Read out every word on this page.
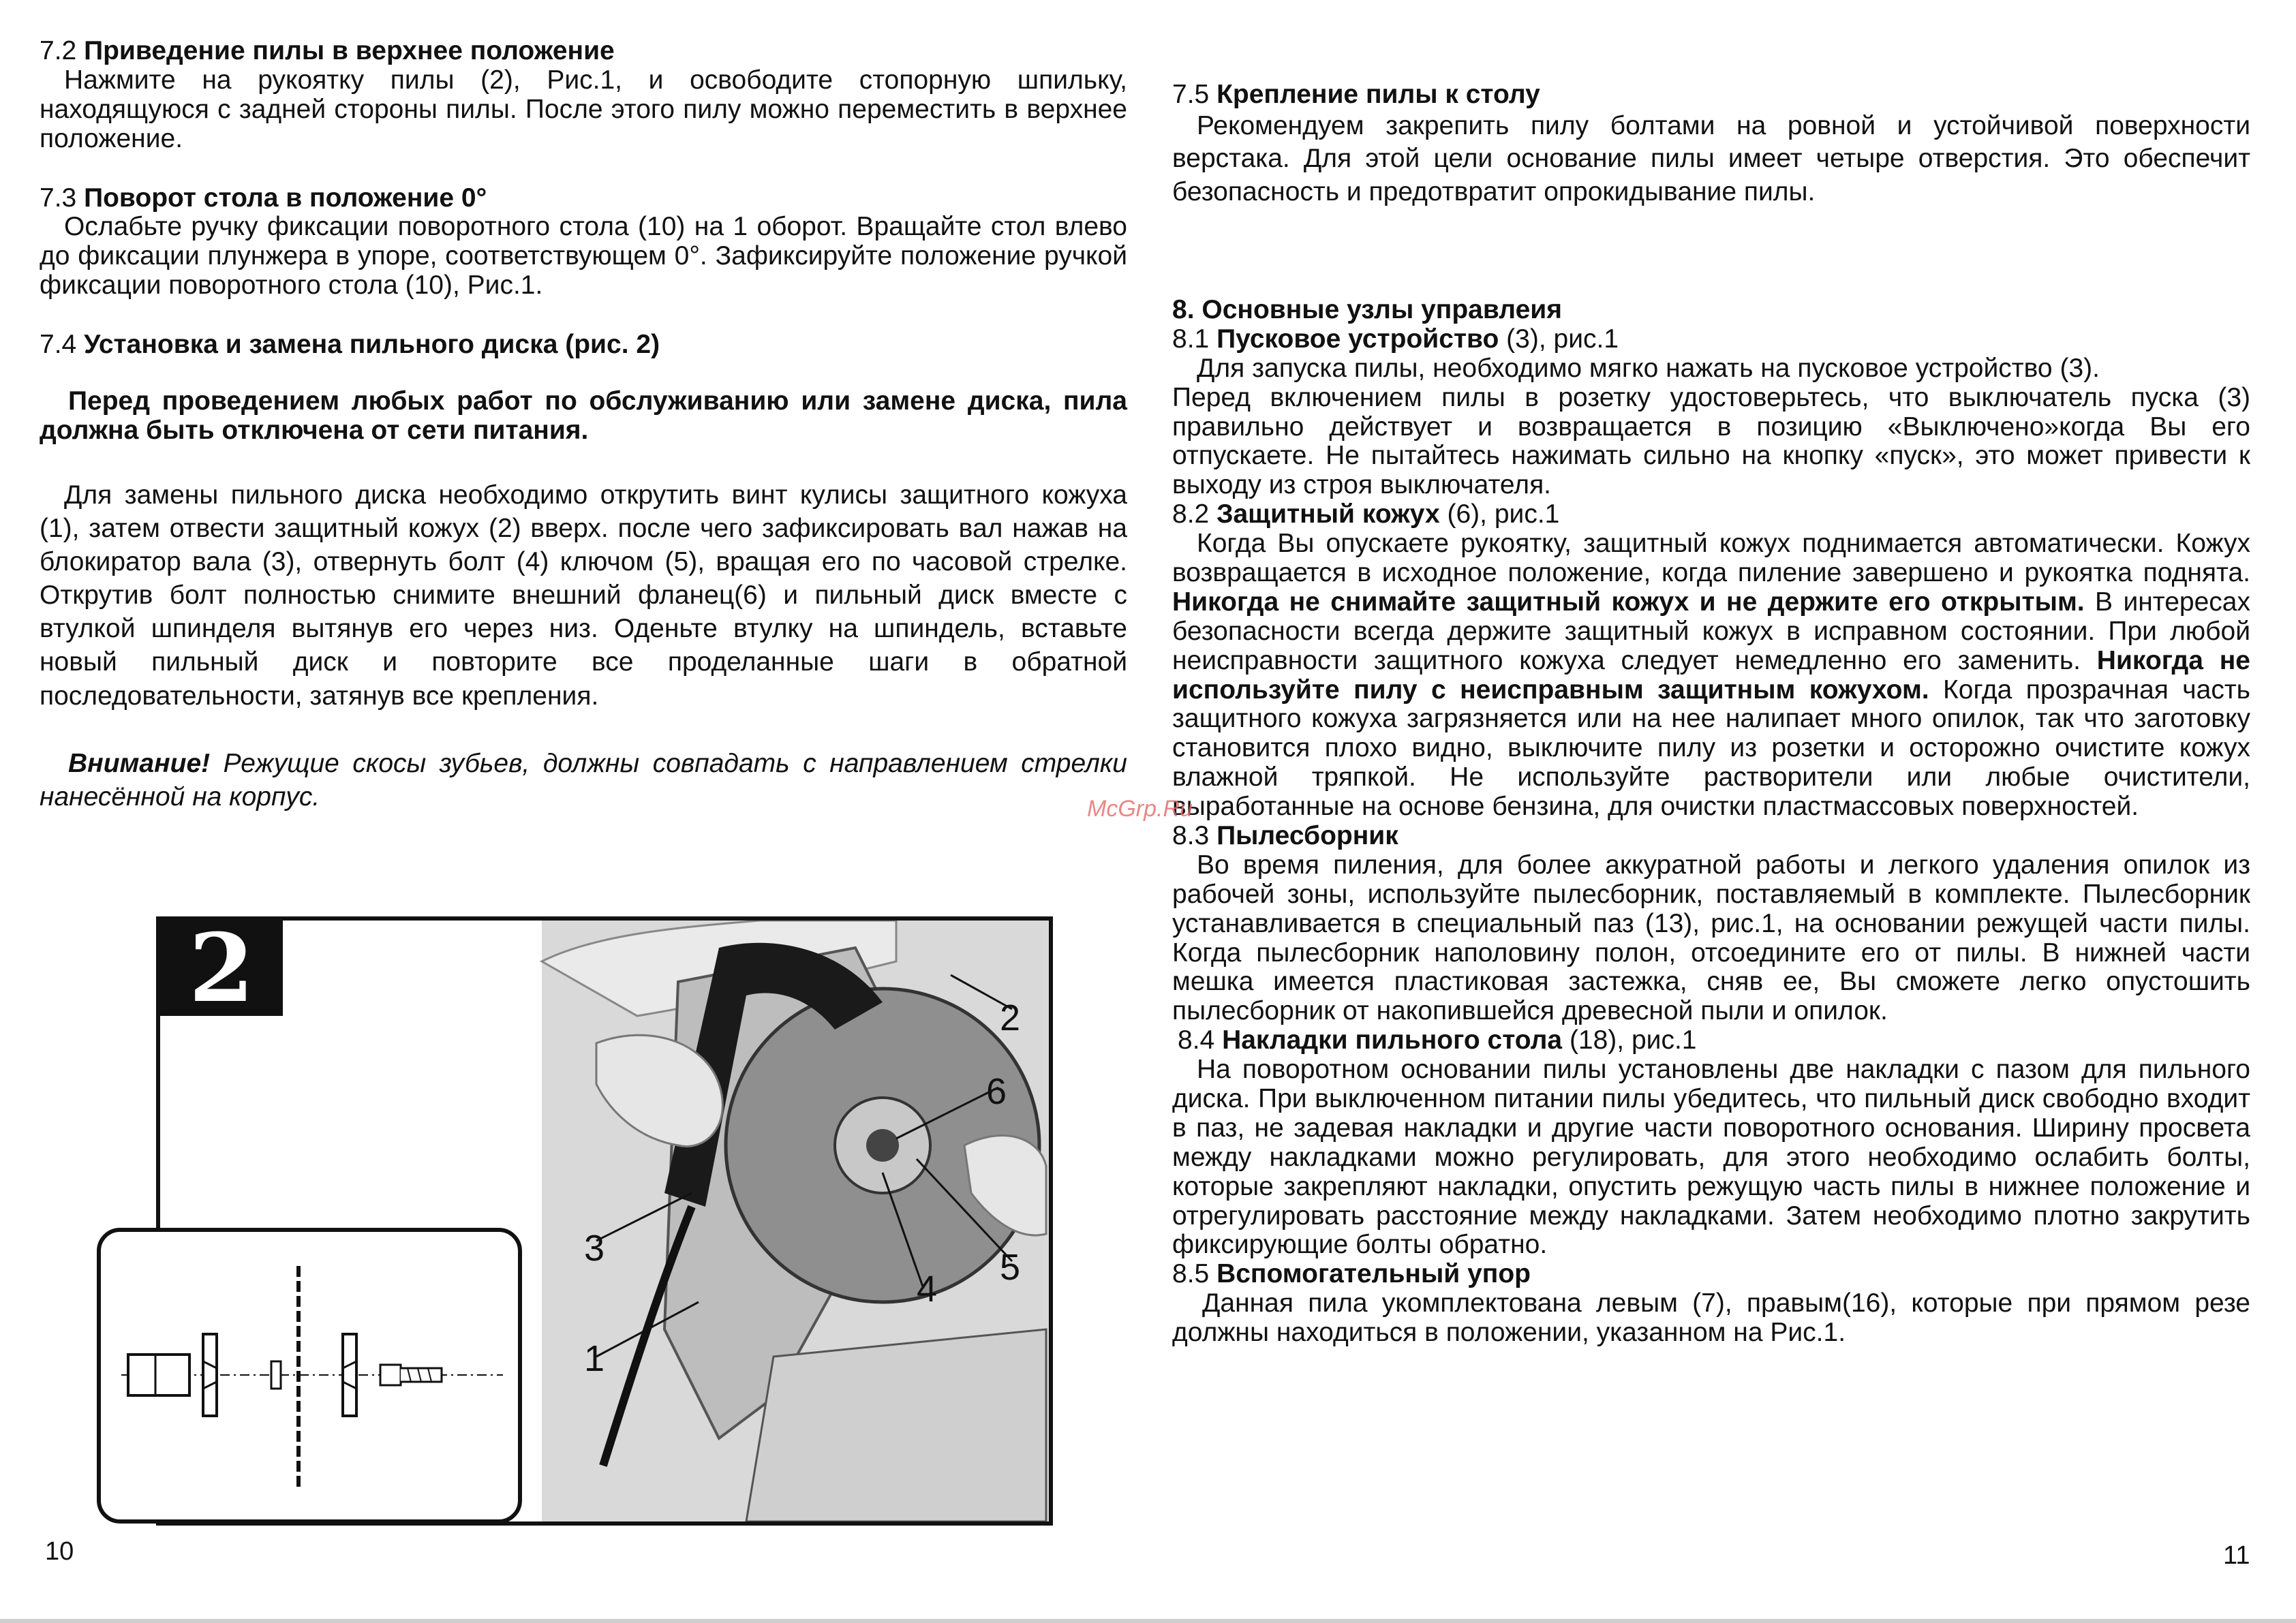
7.2 Приведение пилы в верхнее положение

Нажмите на рукоятку пилы (2), Рис.1, и освободите стопорную шпильку, находящуюся с задней стороны пилы. После этого пилу можно переместить в верхнее положение.

7.3 Поворот стола в положение 0°

Ослабьте ручку фиксации поворотного стола (10) на 1 оборот. Вращайте стол влево до фиксации плунжера в упоре, соответствующем 0°. Зафиксируйте положение ручкой фиксации поворотного стола (10), Рис.1.

7.4 Установка и замена пильного диска (рис. 2)

Перед проведением любых работ по обслуживанию или замене диска, пила должна быть отключена от сети питания.

Для замены пильного диска необходимо открутить винт кулисы защитного кожуха (1), затем отвести защитный кожух (2) вверх. после чего зафиксировать вал нажав на блокиратор вала (3), отвернуть болт (4) ключом (5), вращая его по часовой стрелке. Открутив болт полностью снимите внешний фланец(6) и пильный диск вместе с втулкой шпинделя вытянув его через низ. Оденьте втулку на шпиндель, вставьте новый пильный диск и повторите все проделанные шаги в обратной последовательности, затянув все крепления.

Внимание! Режущие скосы зубьев, должны совпадать с направлением стрелки нанесённой на корпус.

2	2
6
3	5
4
1
7.5 Крепление пилы к столу

Рекомендуем закрепить пилу болтами на ровной и устойчивой поверхности верстака. Для этой цели основание пилы имеет четыре отверстия. Это обеспечит безопасность и предотвратит опрокидывание пилы.

8. Основные узлы управлеия
8.1 Пусковое устройство (3), рис.1

Для запуска пилы, необходимо мягко нажать на пусковое устройство (3).

Перед включением пилы в розетку удостоверьтесь, что выключатель пуска (3) правильно действует и возвращается в позицию «Выключено»когда Вы его отпускаете. Не пытайтесь нажимать сильно на кнопку «пуск», это может привести к выходу из строя выключателя.

8.2 Защитный кожух (6), рис.1

Когда Вы опускаете рукоятку, защитный кожух поднимается автоматически. Кожух возвращается в исходное положение, когда пиление завершено и рукоятка поднята. Никогда не снимайте защитный кожух и не держите его открытым. В интересах безопасности всегда держите защитный кожух в исправном состоянии. При любой неисправности защитного кожуха следует немедленно его заменить. Никогда не используйте пилу с неисправным защитным кожухом. Когда прозрачная часть защитного кожуха загрязняется или на нее налипает много опилок, так что заготовку становится плохо видно, выключите пилу из розетки и осторожно очистите кожух влажной тряпкой. Не используйте растворители или любые очистители, выработанные на основе бензина, для очистки пластмассовых поверхностей.

8.3 Пылесборник

Во время пиления, для более аккуратной работы и легкого удаления опилок из рабочей зоны, используйте пылесборник, поставляемый в комплекте. Пылесборник устанавливается в специальный паз (13), рис.1, на основании режущей части пилы. Когда пылесборник наполовину полон, отсоедините его от пилы. В нижней части мешка имеется пластиковая застежка, сняв ее, Вы сможете легко опустошить пылесборник от накопившейся древесной пыли и опилок.

8.4 Накладки пильного стола (18), рис.1

На поворотном основании пилы установлены две накладки с пазом для пильного диска. При выключенном питании пилы убедитесь, что пильный диск свободно входит в паз, не задевая накладки и другие части поворотного основания. Ширину просвета между накладками можно регулировать, для этого необходимо ослабить болты, которые закрепляют накладки, опустить режущую часть пилы в нижнее положение и отрегулировать расстояние между накладками. Затем необходимо плотно закрутить фиксирующие болты обратно.

8.5 Вспомогательный упор

Данная пила укомплектована левым (7), правым(16), которые при прямом резе должны находиться в положении, указанном на Рис.1.

McGrp.Ru
10	11
